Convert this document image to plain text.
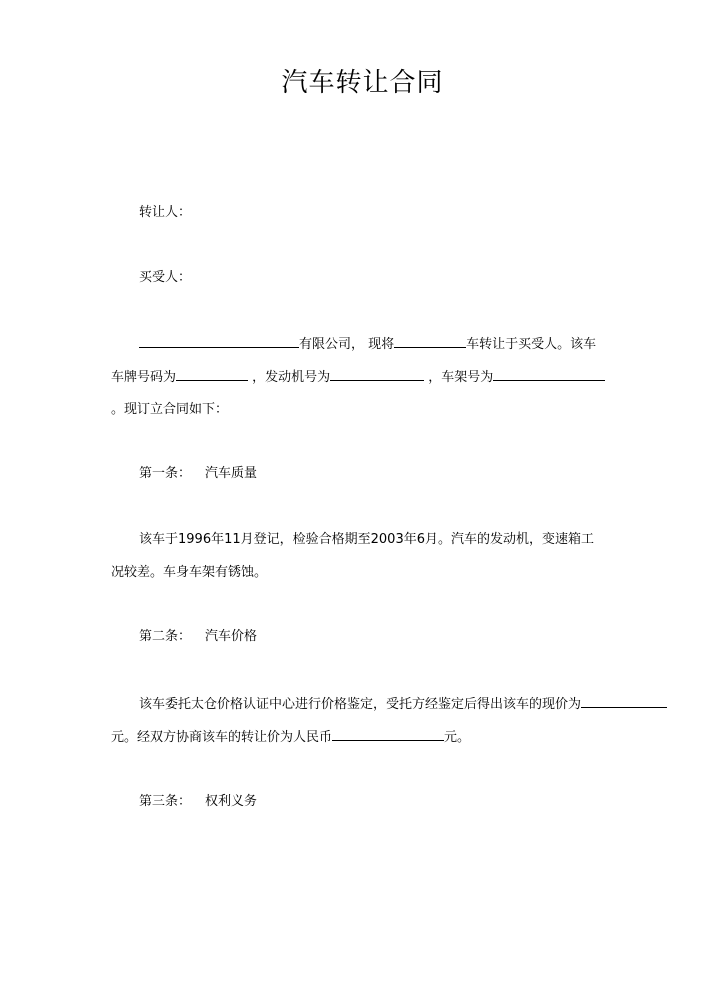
汽车转让合同
转让人：
买受人：
有限公司， 现将	车转让于买受人。该车
车牌号码为	，发动机号为	，车架号为
。现订立合同如下：
第一条： 汽车质量
该车于1996年11月登记，检验合格期至2003年6月。汽车的发动机，变速箱工
况较差。车身车架有锈蚀。
第二条： 汽车价格
该车委托太仓价格认证中心进行价格鉴定，受托方经鉴定后得出该车的现价为
元。经双方协商该车的转让价为人民币	元。
第三条： 权利义务
